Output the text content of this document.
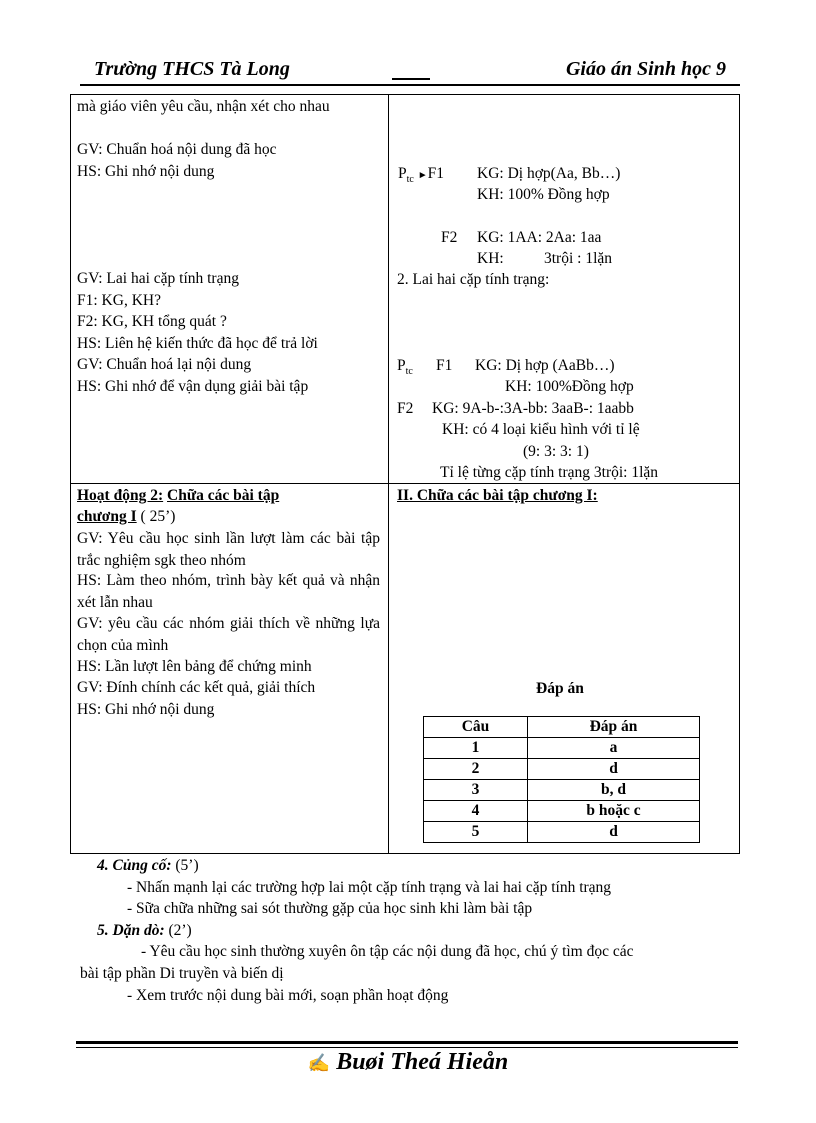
Trường THCS Tà Long	Giáo án Sinh học 9
mà giáo viên yêu cầu, nhận xét cho nhau
GV: Chuẩn hoá nội dung đã học
HS: Ghi nhớ nội dung
GV: Lai hai cặp tính trạng
F1: KG, KH?
F2: KG, KH tổng quát ?
HS: Liên hệ kiến thức đã học để trả lời
GV: Chuẩn hoá lại nội dung
HS: Ghi nhớ để vận dụng giải bài tập
$P_{tc}$ ►F1 KG: Dị hợp(Aa, Bb…)
KH: 100% Đồng hợp
F2 KG: 1AA: 2Aa: 1aa
KH:	3trội : 1lặn
2. Lai hai cặp tính trạng:
$P_{tc}$ F1 KG: Dị hợp (AaBb…)
KH: 100%Đồng hợp
F2 KG: 9A-b-:3A-bb: 3aaB-: 1aabb
KH: có 4 loại kiểu hình với tỉ lệ
(9: 3: 3: 1)
Tỉ lệ từng cặp tính trạng 3trội: 1lặn
Hoạt động 2: Chữa các bài tập
chương I ( 25’)
GV: Yêu cầu học sinh lần lượt làm các bài tập trắc nghiệm sgk theo nhóm
HS: Làm theo nhóm, trình bày kết quả và nhận xét lẫn nhau
GV: yêu cầu các nhóm giải thích về những lựa chọn của mình
HS: Lần lượt lên bảng để chứng minh
GV: Đính chính các kết quả, giải thích
HS: Ghi nhớ nội dung
II. Chữa các bài tập chương I:
Đáp án
Câu	Đáp án
1	a
2	d
3	b, d
4	b hoặc c
5	d
4. Củng cố: (5’)
- Nhấn mạnh lại các trường hợp lai một cặp tính trạng và lai hai cặp tính trạng
- Sữa chữa những sai sót thường gặp của học sinh khi làm bài tập
5. Dặn dò: (2’)
- Yêu cầu học sinh thường xuyên ôn tập các nội dung đã học, chú ý tìm đọc các
bài tập phần Di truyền và biến dị
- Xem trước nội dung bài mới, soạn phần hoạt động
✍ Buøi Theá Hieån
